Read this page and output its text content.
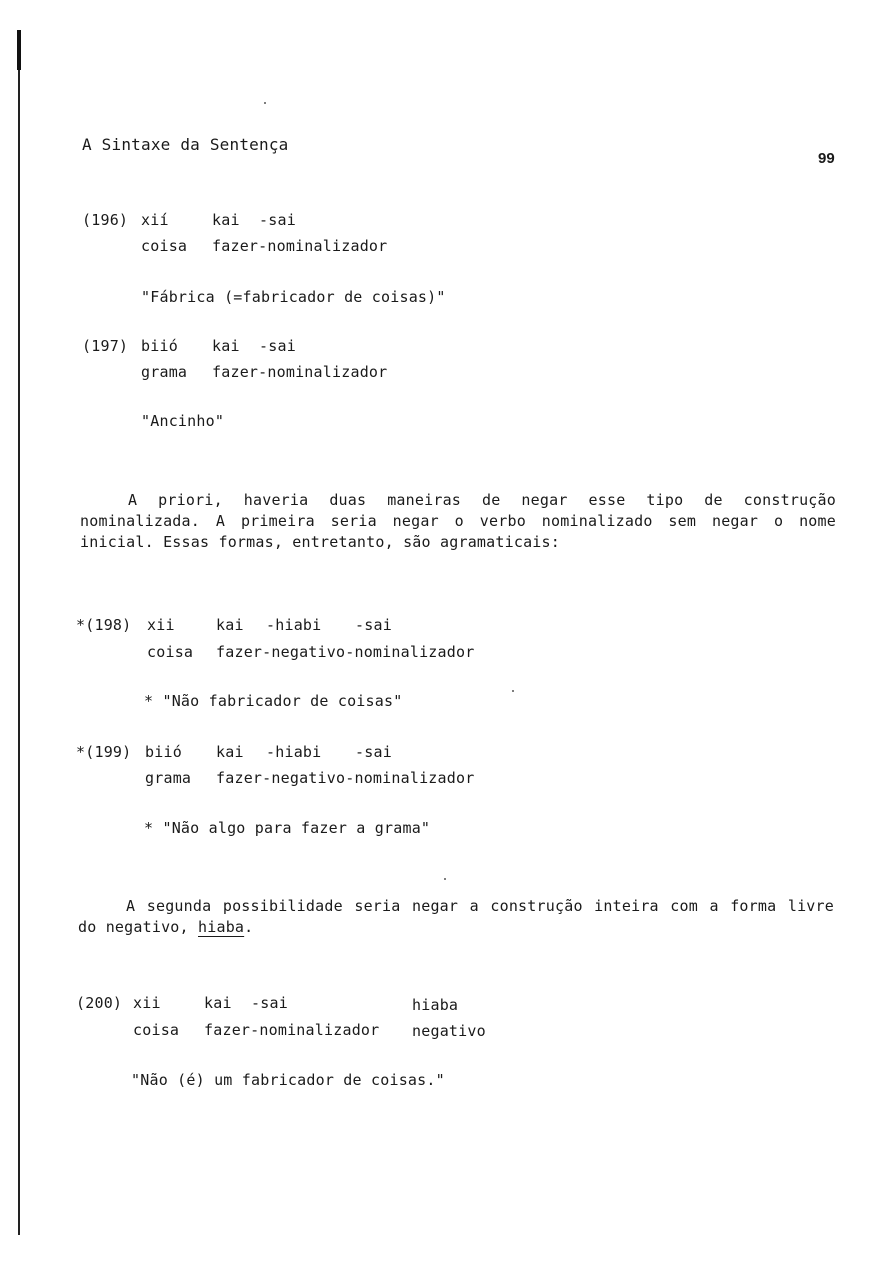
A Sintaxe da Sentença
99
(196) xií	kai -sai
coisa fazer-nominalizador
"Fábrica (=fabricador de coisas)"
(197) biió kai -sai
grama fazer-nominalizador
"Ancinho"
A priori, haveria duas maneiras de negar esse tipo de construção nominalizada. A primeira seria negar o verbo nominalizado sem negar o nome inicial. Essas formas, entretanto, são agramaticais:
*(198) xii	kai -hiabi -sai
coisa fazer-negativo-nominalizador
* "Não fabricador de coisas"
*(199) biió kai -hiabi -sai
grama fazer-negativo-nominalizador
* "Não algo para fazer a grama"
A segunda possibilidade seria negar a construção inteira com a forma livre do negativo, hiaba.
(200) xii	kai -sai	hiaba
coisa fazer-nominalizador negativo
"Não (é) um fabricador de coisas."
